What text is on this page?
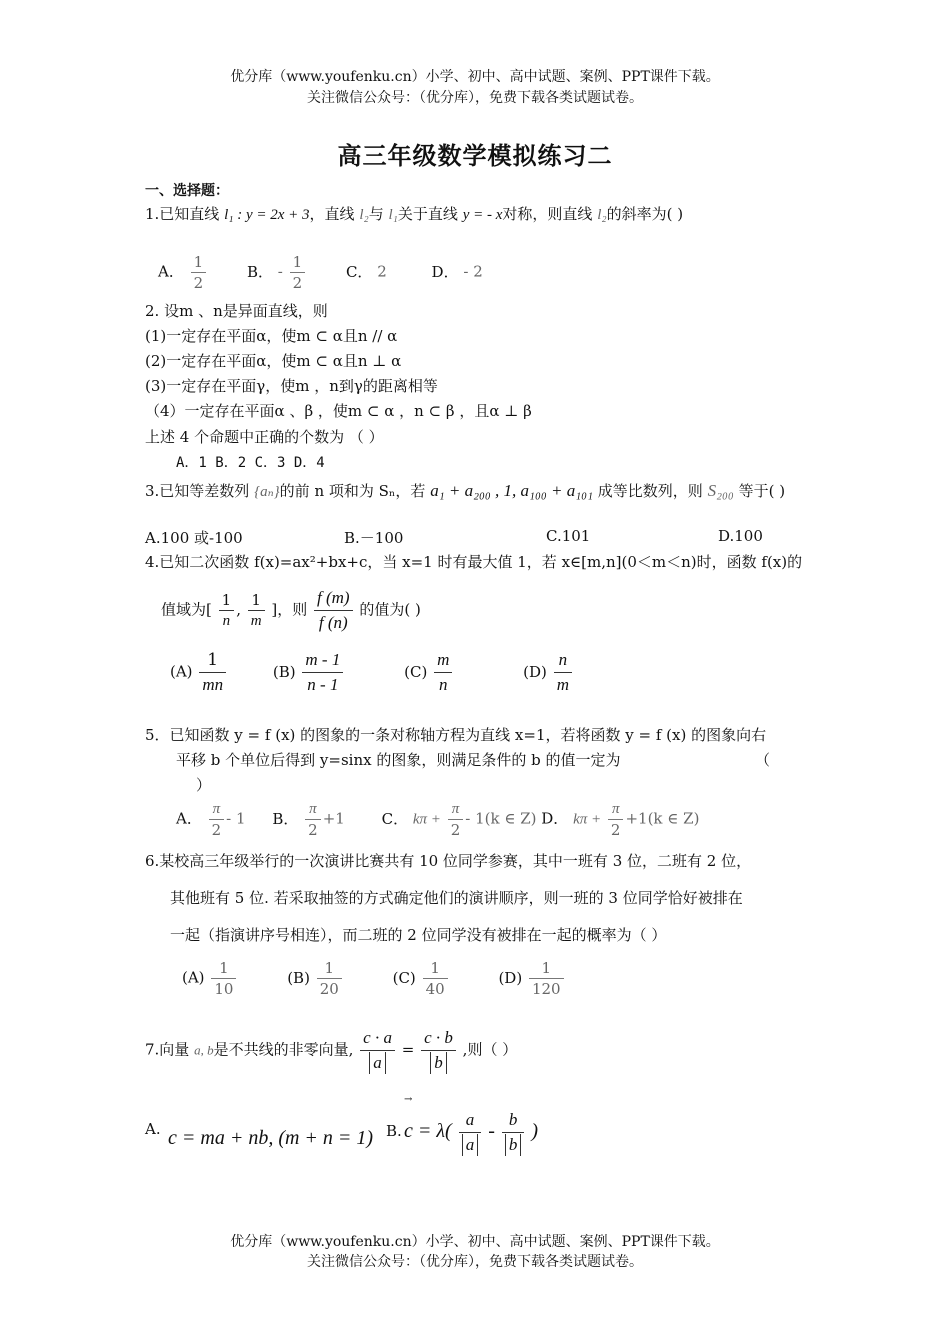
优分库（www.youfenku.cn）小学、初中、高中试题、案例、PPT课件下载。
关注微信公众号：（优分库），免费下载各类试题试卷。
高三年级数学模拟练习二
一、选择题：
1.已知直线 l₁ : y = 2x + 3，直线 l₂与 l₁关于直线 y = - x对称，则直线 l₂的斜率为( )
A． $\frac{1}{2}$	B． - $\frac{1}{2}$	C． 2	D． - 2
2. 设m 、n是异面直线，则
(1)一定存在平面α，使m ⊂ α且n // α
(2)一定存在平面α，使m ⊂ α且n ⊥ α
(3)一定存在平面γ，使m ，n到γ的距离相等
（4）一定存在平面α 、β ，使m ⊂ α ，n ⊂ β ，且α ⊥ β
上述 4 个命题中正确的个数为 （ ）
A．1 B．2 C．3 D．4
3.已知等差数列 {aₙ}的前 n 项和为 Sₙ，若 a₁ + a₂₀₀ , 1, a₁₀₀ + a₁₀₁ 成等比数列，则 S₂₀₀ 等于( )
A.100 或-100	B.－100	C.101	D.100
4.已知二次函数 f(x)=ax²+bx+c，当 x=1 时有最大值 1，若 x∈[m,n](0＜m＜n)时，函数 f(x)的
值域为[ $\frac{1}{n}$ , $\frac{1}{m}$ ]，则 $\frac{f (m)}{f (n)}$ 的值为( )
$(A) \frac{1}{mn}$	$(B) \frac{m - 1}{n - 1}$	$(C) \frac{m}{n}$	$(D) \frac{n}{m}$
5．已知函数 y = f (x) 的图象的一条对称轴方程为直线 x=1，若将函数 y = f (x) 的图象向右
平移 b 个单位后得到 y=sinx 的图象，则满足条件的 b 的值一定为	（
）
A． $\frac{\pi}{2} - 1$ B． $\frac{\pi}{2} +1$ C． $k\pi + \frac{\pi}{2} - 1(k$ ∈ Z) D． $k\pi + \frac{\pi}{2} +1(k$ ∈ Z)
6.某校高三年级举行的一次演讲比赛共有 10 位同学参赛，其中一班有 3 位，二班有 2 位，
其他班有 5 位. 若采取抽签的方式确定他们的演讲顺序，则一班的 3 位同学恰好被排在
一起（指演讲序号相连），而二班的 2 位同学没有被排在一起的概率为（ ）
$(A) \frac{1}{10}$	$(B) \frac{1}{20}$	$(C) \frac{1}{40}$	$(D) \frac{1}{120}$
7.向量 a, b是不共线的非零向量, $\frac{c \cdot a}{a} = \frac{c \cdot b}{b}$ ,则（ ）
A. c = ma + nb, (m + n = 1) B.
→
$c = \lambda( \frac{a}{a} - \frac{b}{b}$ )
优分库（www.youfenku.cn）小学、初中、高中试题、案例、PPT课件下载。
关注微信公众号：（优分库），免费下载各类试题试卷。
